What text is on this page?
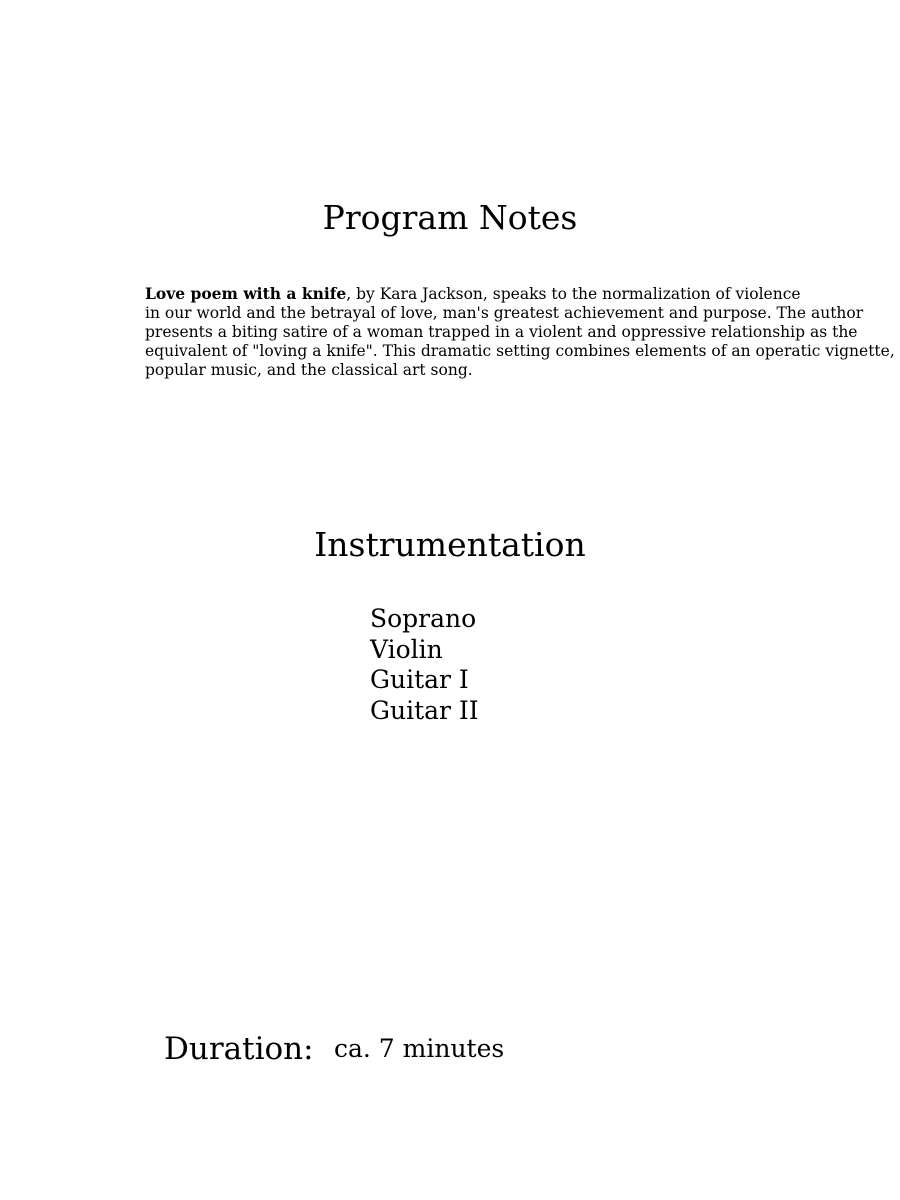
Program Notes

Love poem with a knife, by Kara Jackson, speaks to the normalization of violence
in our world and the betrayal of love, man's greatest achievement and purpose. The author
presents a biting satire of a woman trapped in a violent and oppressive relationship as the
equivalent of "loving a knife". This dramatic setting combines elements of an operatic vignette,
popular music, and the classical art song.

Instrumentation
Soprano
Violin
Guitar I
Guitar II

Duration: ca. 7 minutes
